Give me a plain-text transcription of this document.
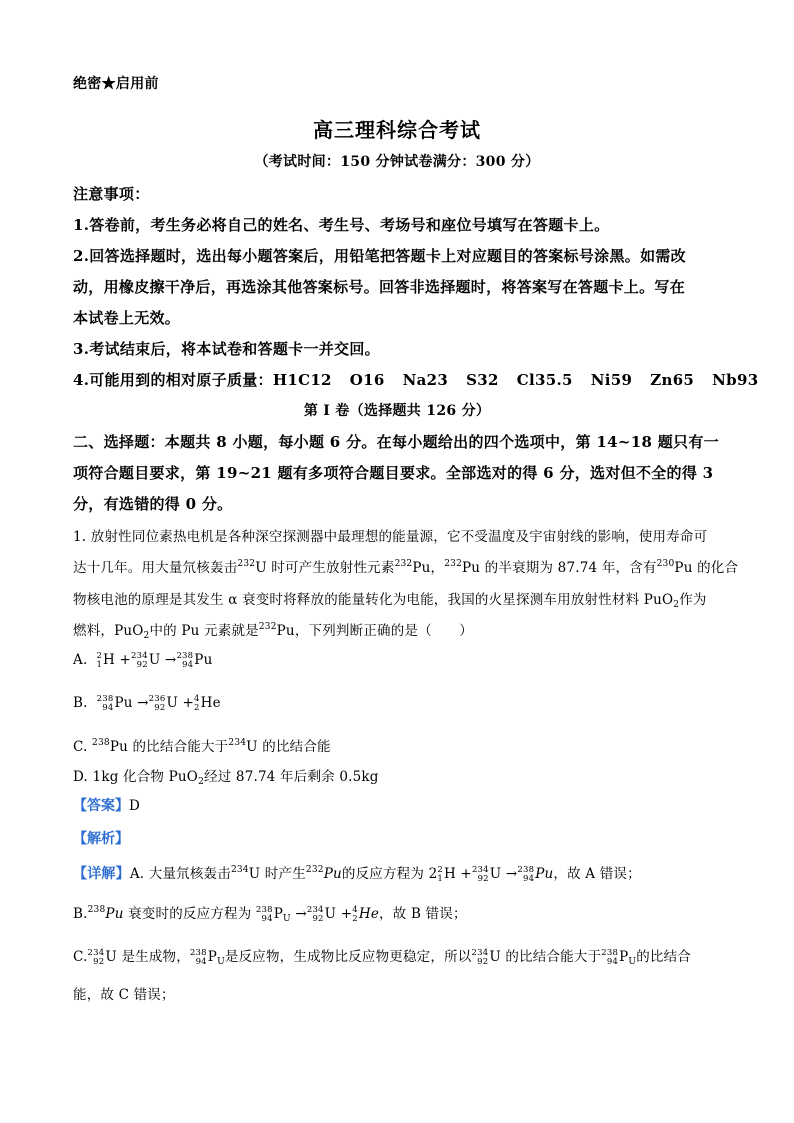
绝密★启用前
高三理科综合考试
（考试时间：150 分钟试卷满分：300 分）
注意事项：
1.答卷前，考生务必将自己的姓名、考生号、考场号和座位号填写在答题卡上。
2.回答选择题时，选出每小题答案后，用铅笔把答题卡上对应题目的答案标号涂黑。如需改
动，用橡皮擦干净后，再选涂其他答案标号。回答非选择题时，将答案写在答题卡上。写在
本试卷上无效。
3.考试结束后，将本试卷和答题卡一并交回。
4.可能用到的相对原子质量：H1C12 O16 Na23 S32 Cl35.5 Ni59 Zn65 Nb93
第 I 卷（选择题共 126 分）
二、选择题：本题共 8 小题，每小题 6 分。在每小题给出的四个选项中，第 14~18 题只有一
项符合题目要求，第 19~21 题有多项符合题目要求。全部选对的得 6 分，选对但不全的得 3
分，有选错的得 0 分。
1. 放射性同位素热电机是各种深空探测器中最理想的能量源，它不受温度及宇宙射线的影响，使用寿命可
达十几年。用大量氘核轰击$^{232}$U 时可产生放射性元素$^{232}$Pu，$^{232}$Pu 的半衰期为 87.74 年，含有$^{230}$Pu 的化合
物核电池的原理是其发生 α 衰变时将释放的能量转化为电能，我国的火星探测车用放射性材料 PuO$_2$作为
燃料，PuO$_2$中的 Pu 元素就是$^{232}$Pu，下列判断正确的是（　　）
A. 2
1 H + 234
92 U → 238
94 Pu
B. 238
94 Pu → 236
92 U + 4
2 He
C. $^{238}$Pu 的比结合能大于$^{234}$U 的比结合能
D. 1kg 化合物 PuO$_2$经过 87.74 年后剩余 0.5kg
【答案】D
【解析】
【详解】A. 大量氘核轰击$^{234}$U 时产生$^{232}$Pu的反应方程为 2 2
1 H + 234
92 U → 238
94 Pu，故 A 错误；
B.$^{238}$Pu 衰变时的反应方程为 238
94 $P_U \to 234$
92 U + 4
2 He，故 B 错误；
C. 234
92 U 是生成物， 238
94 $P_U$是反应物，生成物比反应物更稳定，所以 234
92 U 的比结合能大于 238
94 $P_U$的比结合
能，故 C 错误；
